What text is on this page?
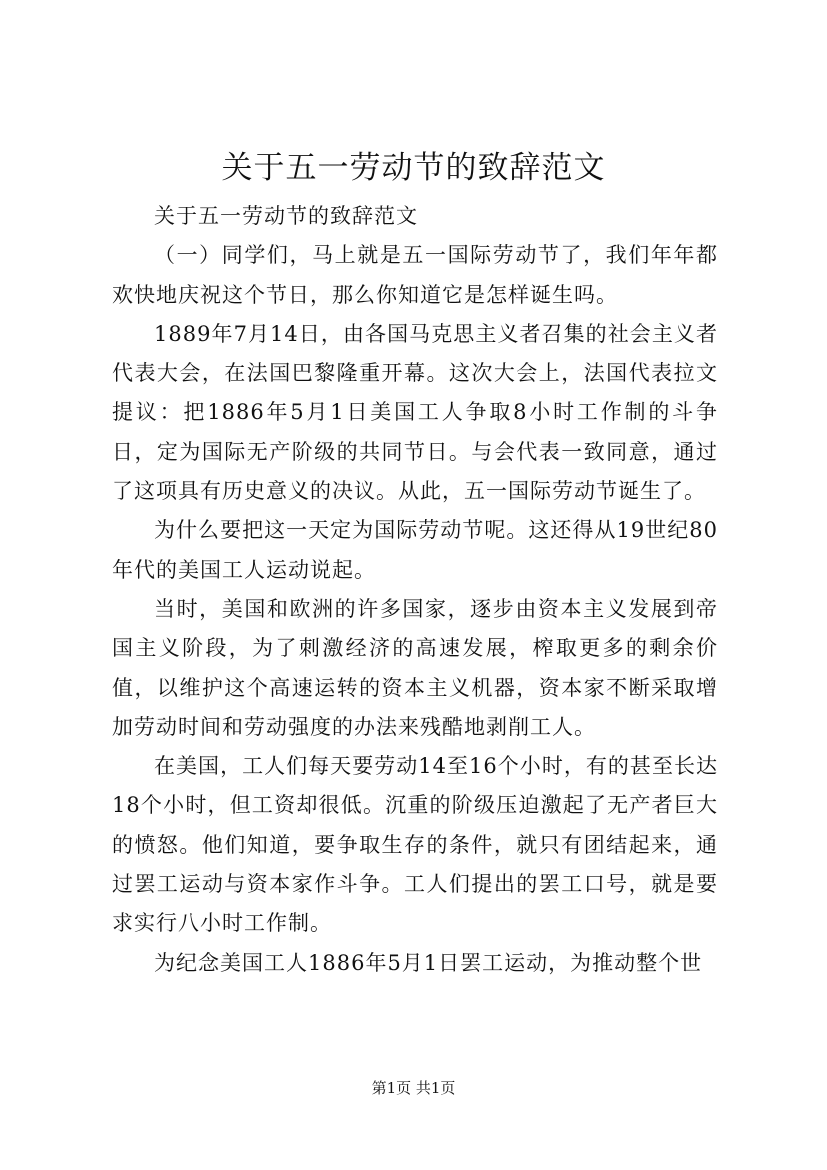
关于五一劳动节的致辞范文

关于五一劳动节的致辞范文

（一）同学们，马上就是五一国际劳动节了，我们年年都欢快地庆祝这个节日，那么你知道它是怎样诞生吗。

1889年7月14日，由各国马克思主义者召集的社会主义者代表大会，在法国巴黎隆重开幕。这次大会上，法国代表拉文提议：把1886年5月1日美国工人争取8小时工作制的斗争日，定为国际无产阶级的共同节日。与会代表一致同意，通过了这项具有历史意义的决议。从此，五一国际劳动节诞生了。

为什么要把这一天定为国际劳动节呢。这还得从19世纪80年代的美国工人运动说起。

当时，美国和欧洲的许多国家，逐步由资本主义发展到帝国主义阶段，为了刺激经济的高速发展，榨取更多的剩余价值，以维护这个高速运转的资本主义机器，资本家不断采取增加劳动时间和劳动强度的办法来残酷地剥削工人。

在美国，工人们每天要劳动14至16个小时，有的甚至长达18个小时，但工资却很低。沉重的阶级压迫激起了无产者巨大的愤怒。他们知道，要争取生存的条件，就只有团结起来，通过罢工运动与资本家作斗争。工人们提出的罢工口号，就是要求实行八小时工作制。

为纪念美国工人1886年5月1日罢工运动，为推动整个世

第1页 共1页
